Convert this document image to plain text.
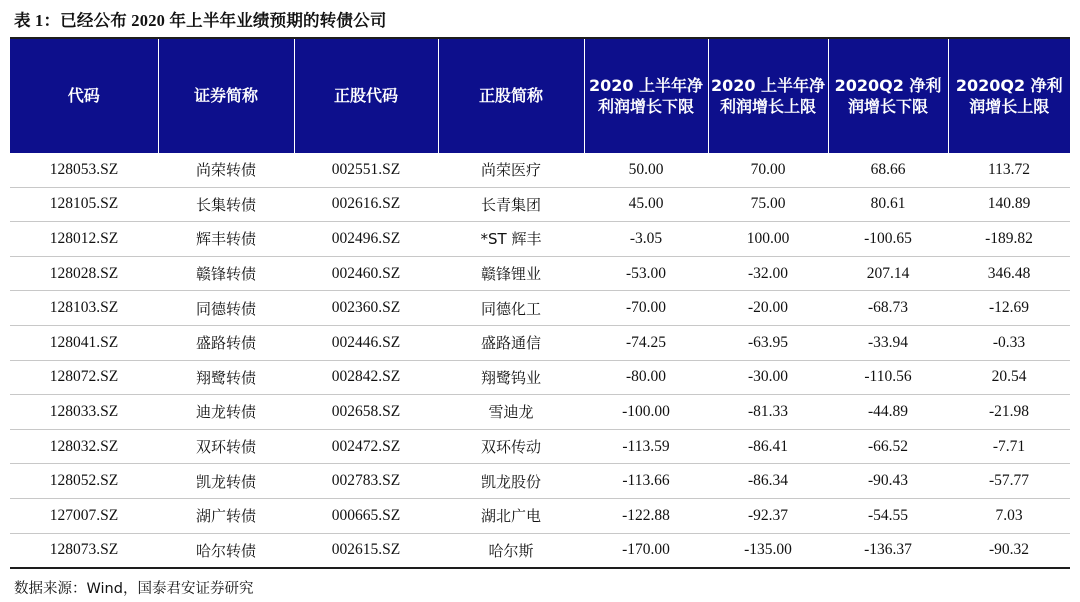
表 1：已经公布 2020 年上半年业绩预期的转债公司
代码	证券简称	正股代码	正股简称	2020 上半年净利润增长下限	2020 上半年净利润增长上限	2020Q2 净利润增长下限	2020Q2 净利润增长上限
128053.SZ	尚荣转债	002551.SZ	尚荣医疗	50.00	70.00	68.66	113.72
128105.SZ	长集转债	002616.SZ	长青集团	45.00	75.00	80.61	140.89
128012.SZ	辉丰转债	002496.SZ	*ST 辉丰	-3.05	100.00	-100.65	-189.82
128028.SZ	赣锋转债	002460.SZ	赣锋锂业	-53.00	-32.00	207.14	346.48
128103.SZ	同德转债	002360.SZ	同德化工	-70.00	-20.00	-68.73	-12.69
128041.SZ	盛路转债	002446.SZ	盛路通信	-74.25	-63.95	-33.94	-0.33
128072.SZ	翔鹭转债	002842.SZ	翔鹭钨业	-80.00	-30.00	-110.56	20.54
128033.SZ	迪龙转债	002658.SZ	雪迪龙	-100.00	-81.33	-44.89	-21.98
128032.SZ	双环转债	002472.SZ	双环传动	-113.59	-86.41	-66.52	-7.71
128052.SZ	凯龙转债	002783.SZ	凯龙股份	-113.66	-86.34	-90.43	-57.77
127007.SZ	湖广转债	000665.SZ	湖北广电	-122.88	-92.37	-54.55	7.03
128073.SZ	哈尔转债	002615.SZ	哈尔斯	-170.00	-135.00	-136.37	-90.32
数据来源：Wind，国泰君安证券研究
